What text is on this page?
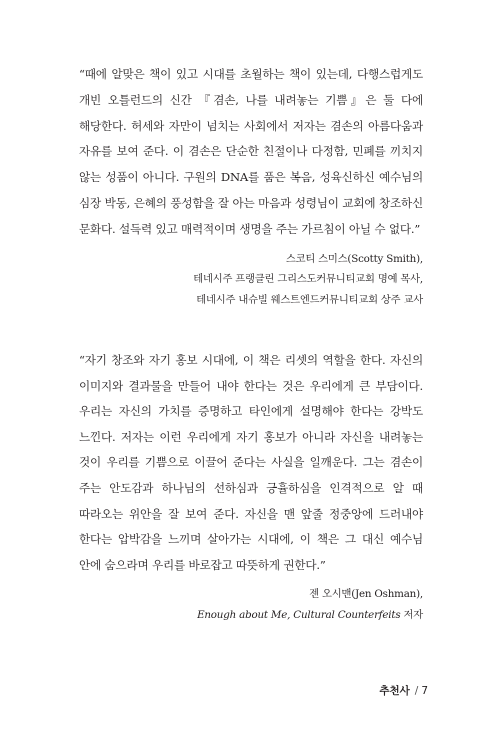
“때에 알맞은 책이 있고 시대를 초월하는 책이 있는데, 다행스럽게도 개빈 오틀런드의 신간 『겸손, 나를 내려놓는 기쁨』은 둘 다에 해당한다. 허세와 자만이 넘치는 사회에서 저자는 겸손의 아름다움과 자유를 보여 준다. 이 겸손은 단순한 친절이나 다정함, 민폐를 끼치지 않는 성품이 아니다. 구원의 DNA를 품은 복음, 성육신하신 예수님의 심장 박동, 은혜의 풍성함을 잘 아는 마음과 성령님이 교회에 창조하신 문화다. 설득력 있고 매력적이며 생명을 주는 가르침이 아닐 수 없다.”

스코티 스미스(Scotty Smith),
테네시주 프랭클린 그리스도커뮤니티교회 명예 목사,
테네시주 내슈빌 웨스트엔드커뮤니티교회 상주 교사

“자기 창조와 자기 홍보 시대에, 이 책은 리셋의 역할을 한다. 자신의 이미지와 결과물을 만들어 내야 한다는 것은 우리에게 큰 부담이다. 우리는 자신의 가치를 증명하고 타인에게 설명해야 한다는 강박도 느낀다. 저자는 이런 우리에게 자기 홍보가 아니라 자신을 내려놓는 것이 우리를 기쁨으로 이끌어 준다는 사실을 일깨운다. 그는 겸손이 주는 안도감과 하나님의 선하심과 긍휼하심을 인격적으로 알 때 따라오는 위안을 잘 보여 준다. 자신을 맨 앞줄 정중앙에 드러내야 한다는 압박감을 느끼며 살아가는 시대에, 이 책은 그 대신 예수님 안에 숨으라며 우리를 바로잡고 따뜻하게 권한다.”

젠 오시맨(Jen Oshman),
Enough about Me, Cultural Counterfeits 저자
추천사 / 7
